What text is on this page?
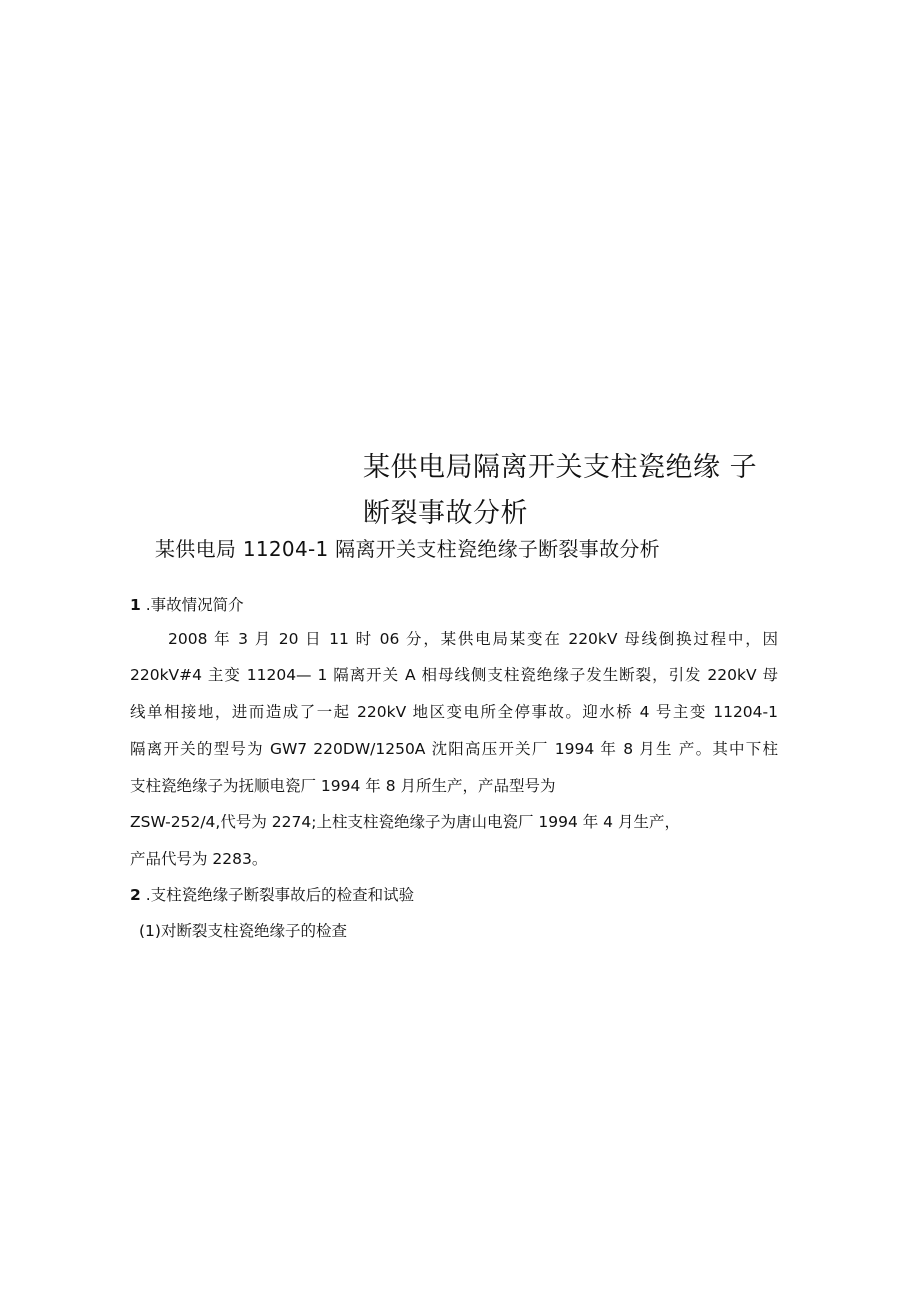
某供电局隔离开关支柱瓷绝缘 子
断裂事故分析
某供电局 11204-1 隔离开关支柱瓷绝缘子断裂事故分析
1 .事故情况简介
2008 年 3 月 20 日 11 时 06 分，某供电局某变在 220kV 母线倒换过程中，因
220kV#4 主变 11204— 1 隔离开关 A 相母线侧支柱瓷绝缘子发生断裂，引发 220kV 母
线单相接地，进而造成了一起 220kV 地区变电所全停事故。迎水桥 4 号主变 11204-1
隔离开关的型号为 GW7 220DW/1250A 沈阳高压开关厂 1994 年 8 月生 产。其中下柱
支柱瓷绝缘子为抚顺电瓷厂 1994 年 8 月所生产，产品型号为
ZSW-252/4,代号为 2274;上柱支柱瓷绝缘子为唐山电瓷厂 1994 年 4 月生产，
产品代号为 2283。
2 .支柱瓷绝缘子断裂事故后的检查和试验
(1)对断裂支柱瓷绝缘子的检查
